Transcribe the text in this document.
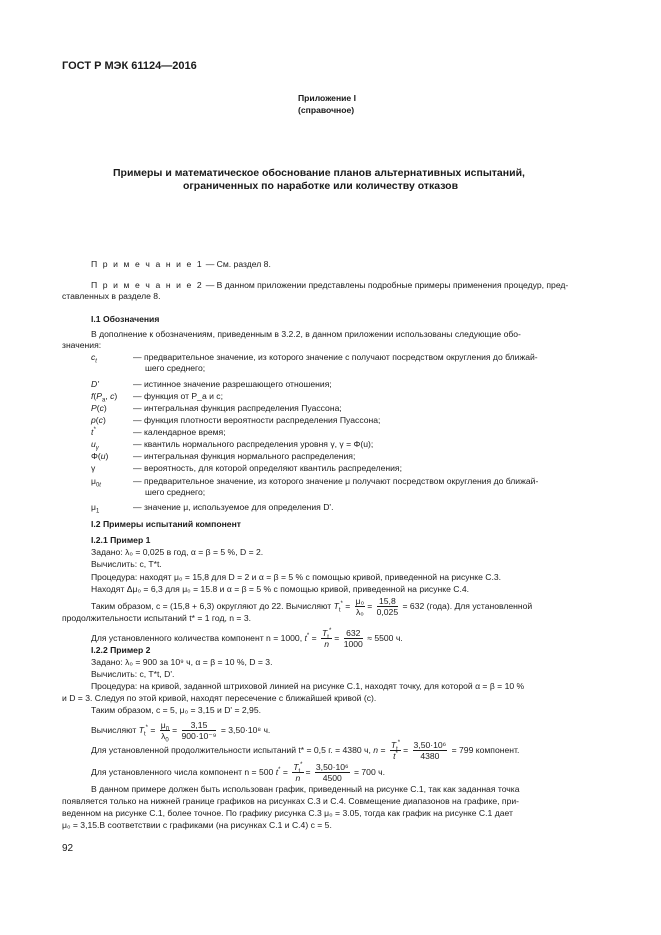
ГОСТ Р МЭК 61124—2016
Приложение I
(справочное)
Примеры и математическое обоснование планов альтернативных испытаний,
ограниченных по наработке или количеству отказов
П р и м е ч а н и е 1 — См. раздел 8.
П р и м е ч а н и е 2 — В данном приложении представлены подробные примеры применения процедур, пред-
ставленных в разделе 8.
I.1 Обозначения
В дополнение к обозначениям, приведенным в 3.2.2, в данном приложении использованы следующие обо-
значения:
$c_t$	— предварительное значение, из которого значение c получают посредством округления до ближай-
шего среднего;
D'	— истинное значение разрешающего отношения;
$f(P_a$, c) — функция от P_a и c;
P(c)	— интегральная функция распределения Пуассона;
p(c)	— функция плотности вероятности распределения Пуассона;
t*	— календарное время;
$u_\gamma$	— квантиль нормального распределения уровня γ, γ = Φ(u);
Φ(u)	— интегральная функция нормального распределения;
γ	— вероятность, для которой определяют квантиль распределения;
$\mu_{0t}$	— предварительное значение, из которого значение μ получают посредством округления до ближай-
шего среднего;
$\mu_1$	— значение μ, используемое для определения D'.
I.2 Примеры испытаний компонент
I.2.1 Пример 1
Задано: λ₀ = 0,025 в год, α = β = 5 %, D = 2.
Вычислить: c, T*t.
Процедура: находят μ₀ = 15,8 для D = 2 и α = β = 5 % c помощью кривой, приведенной на рисунке С.3.
Находят Δμ₀ = 6,3 для μ₀ = 15.8 и α = β = 5 % с помощью кривой, приведенной на рисунке С.4.
Таким образом, c = (15,8 + 6,3) округляют до 22. Вычисляют $T_t^* = \frac{\text{μ₀}}{\text{λ₀}} = \frac{15,8}{0,025} = 632$ (года). Для установленной
продолжительности испытаний t* = 1 год, n = 3.
Для установленного количества компонент n = 1000, $t^* = \frac{T_t^*}{n} = \frac{632}{1000} \approx 5500$ ч.
I.2.2 Пример 2
Задано: λ₀ = 900 за 10⁹ ч, α = β = 10 %, D = 3.
Вычислить: c, T*t, D'.
Процедура: на кривой, заданной штриховой линией на рисунке С.1, находят точку, для которой α = β = 10 %
и D = 3. Следуя по этой кривой, находят пересечение с ближайшей кривой (с).
Таким образом, c = 5, μ₀ = 3,15 и D' = 2,95.
Вычисляют $T_t^* = \frac{\mu_0}{\lambda_0} = \frac{3,15}{\text{900·10⁻⁹}} = 3,50\cdot 10^8$ ч.
Для установленной продолжительности испытаний t* = 0,5 г. = 4380 ч, $n = \frac{T_t^*}{t^*} = \frac{\text{3,50·10⁶}}{4380} = 799$ компонент.
Для установленного числа компонент n = 500 $t^* = \frac{T_t^*}{n} = \frac{\text{3,50·10⁶}}{4500} = 700$ ч.
В данном примере должен быть использован график, приведенный на рисунке С.1, так как заданная точка
появляется только на нижней границе графиков на рисунках С.3 и С.4. Совмещение диапазонов на графике, при-
веденном на рисунке С.1, более точное. По графику рисунка С.3 μ₀ = 3.05, тогда как график на рисунке С.1 дает
μ₀ = 3,15.В соответствии с графиками (на рисунках С.1 и С.4) c = 5.
92
